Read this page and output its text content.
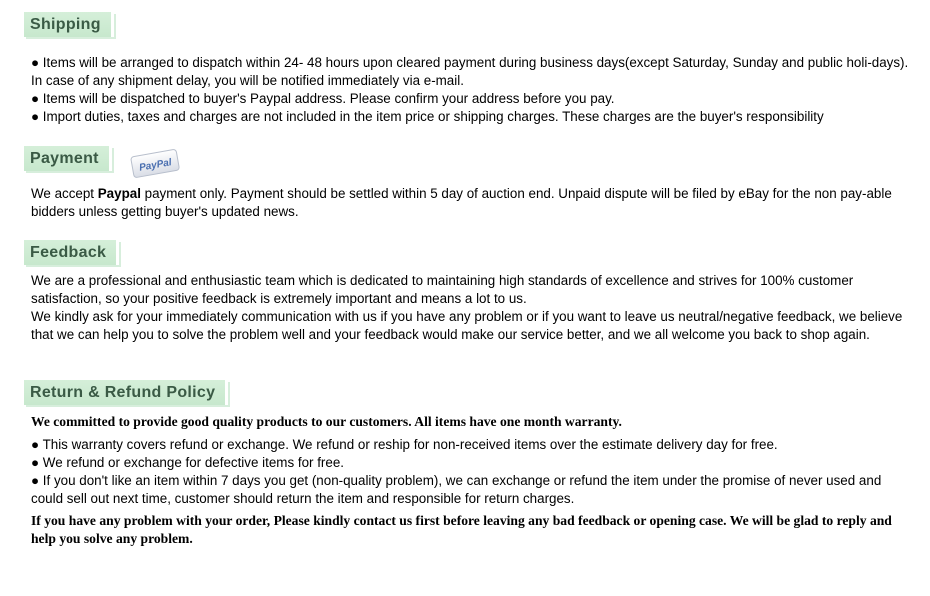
Shipping

● Items will be arranged to dispatch within 24- 48 hours upon cleared payment during business days(except Saturday, Sunday and public holi-days). In case of any shipment delay, you will be notified immediately via e-mail.

● Items will be dispatched to buyer's Paypal address. Please confirm your address before you pay.

● Import duties, taxes and charges are not included in the item price or shipping charges. These charges are the buyer's responsibility

Payment	PayPal

We accept Paypal payment only. Payment should be settled within 5 day of auction end. Unpaid dispute will be filed by eBay for the non pay-able bidders unless getting buyer's updated news.

Feedback

We are a professional and enthusiastic team which is dedicated to maintaining high standards of excellence and strives for 100% customer satisfaction, so your positive feedback is extremely important and means a lot to us.

We kindly ask for your immediately communication with us if you have any problem or if you want to leave us neutral/negative feedback, we believe that we can help you to solve the problem well and your feedback would make our service better, and we all welcome you back to shop again.

Return & Refund Policy

We committed to provide good quality products to our customers. All items have one month warranty.

● This warranty covers refund or exchange. We refund or reship for non-received items over the estimate delivery day for free.

● We refund or exchange for defective items for free.

● If you don't like an item within 7 days you get (non-quality problem), we can exchange or refund the item under the promise of never used and could sell out next time, customer should return the item and responsible for return charges.

If you have any problem with your order, Please kindly contact us first before leaving any bad feedback or opening case. We will be glad to reply and help you solve any problem.
